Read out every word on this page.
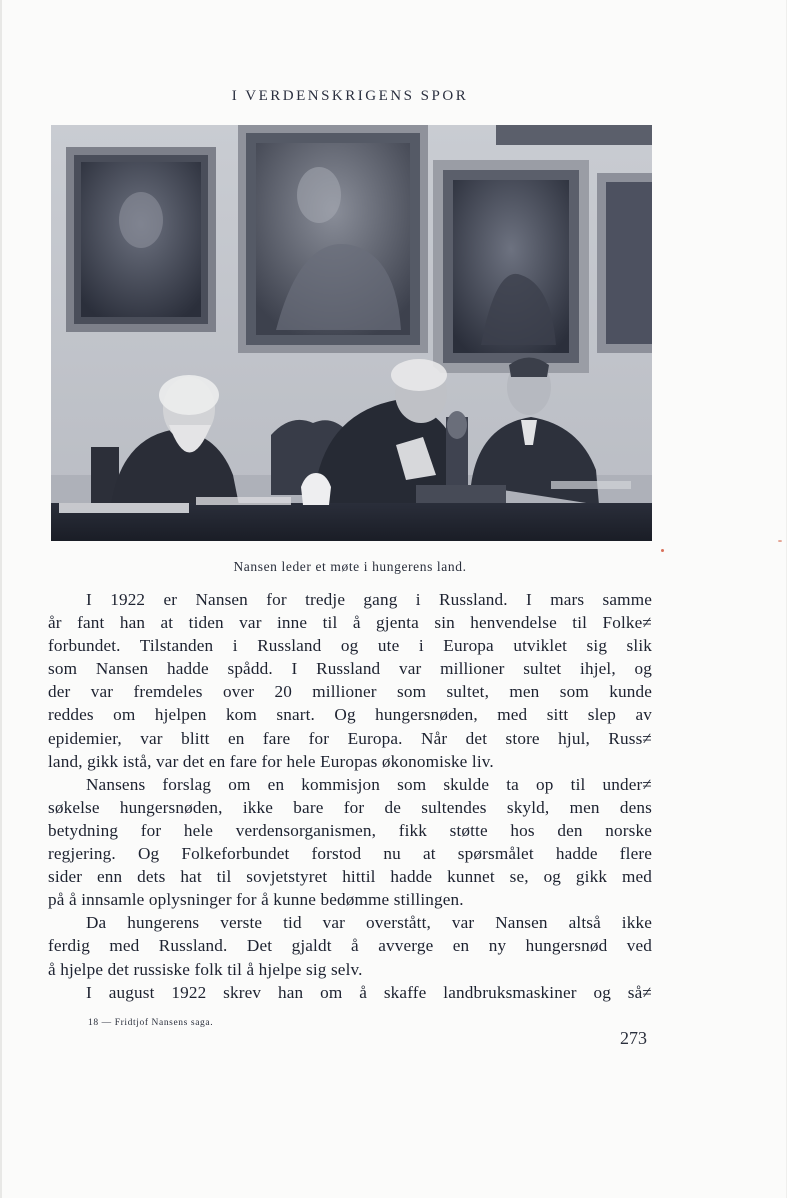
I VERDENSKRIGENS SPOR
Nansen leder et møte i hungerens land.
I 1922 er Nansen for tredje gang i Russland. I mars samme
år fant han at tiden var inne til å gjenta sin henvendelse til Folke≠
forbundet. Tilstanden i Russland og ute i Europa utviklet sig slik
som Nansen hadde spådd. I Russland var millioner sultet ihjel, og
der var fremdeles over 20 millioner som sultet, men som kunde
reddes om hjelpen kom snart. Og hungersnøden, med sitt slep av
epidemier, var blitt en fare for Europa. Når det store hjul, Russ≠
land, gikk istå, var det en fare for hele Europas økonomiske liv.
Nansens forslag om en kommisjon som skulde ta op til under≠
søkelse hungersnøden, ikke bare for de sultendes skyld, men dens
betydning for hele verdensorganismen, fikk støtte hos den norske
regjering. Og Folkeforbundet forstod nu at spørsmålet hadde flere
sider enn dets hat til sovjetstyret hittil hadde kunnet se, og gikk med
på å innsamle oplysninger for å kunne bedømme stillingen.
Da hungerens verste tid var overstått, var Nansen altså ikke
ferdig med Russland. Det gjaldt å avverge en ny hungersnød ved
å hjelpe det russiske folk til å hjelpe sig selv.
I august 1922 skrev han om å skaffe landbruksmaskiner og så≠
18 — Fridtjof Nansens saga.
273
